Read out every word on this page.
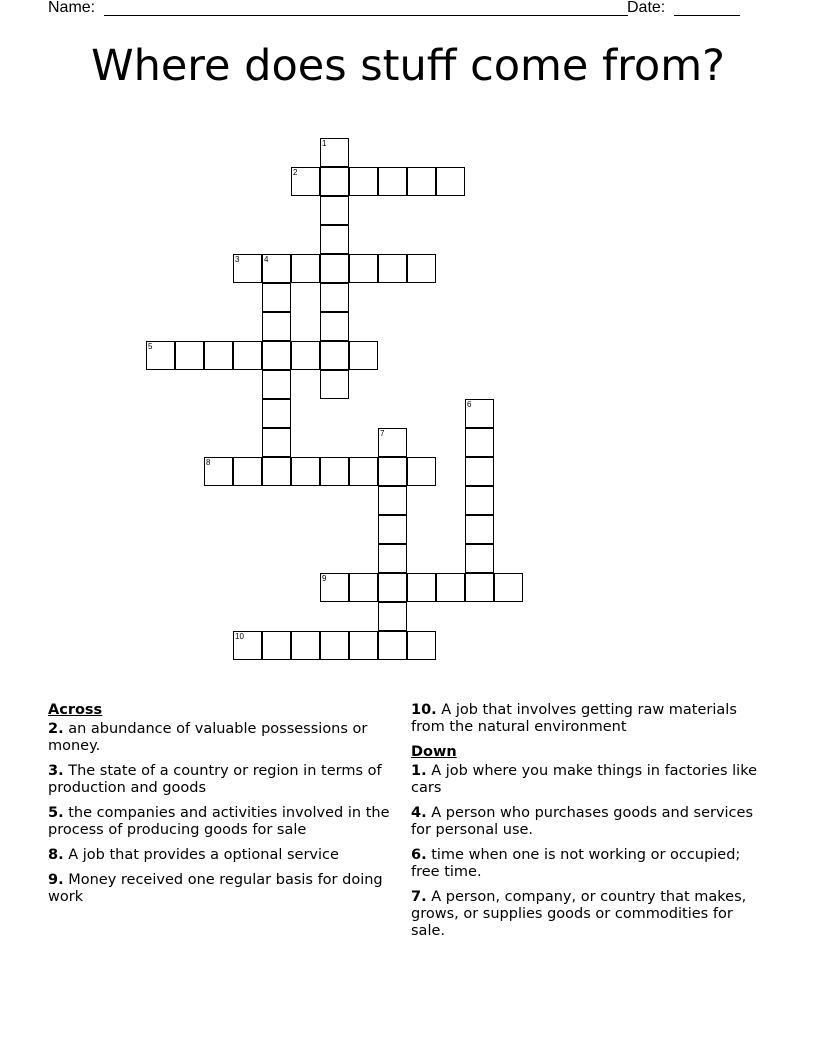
Name:	Date:
Where does stuff come from?
1
2
3	4
5
6
7
8
9
10
Across
2. an abundance of valuable possessions or money.
3. The state of a country or region in terms of production and goods
5. the companies and activities involved in the process of producing goods for sale
8. A job that provides a optional service
9. Money received one regular basis for doing work
10. A job that involves getting raw materials from the natural environment
Down
1. A job where you make things in factories like cars
4. A person who purchases goods and services for personal use.
6. time when one is not working or occupied; free time.
7. A person, company, or country that makes, grows, or supplies goods or commodities for sale.
